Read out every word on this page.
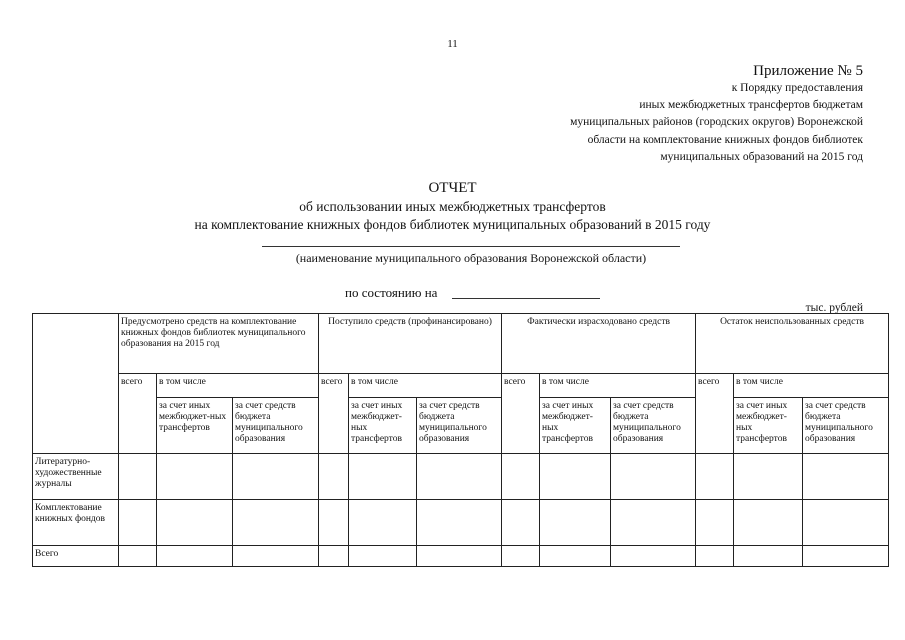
11
Приложение № 5
к Порядку предоставления
иных межбюджетных трансфертов бюджетам
муниципальных районов (городских округов) Воронежской
области на комплектование книжных фондов библиотек
муниципальных образований на 2015 год
ОТЧЕТ
об использовании иных межбюджетных трансфертов
на комплектование книжных фондов библиотек муниципальных образований в 2015 году
(наименование муниципального образования Воронежской области)
по состоянию на
тыс. рублей
	Предусмотрено средств на комплектование книжных фондов библиотек муниципального образования на 2015 год			Поступило средств (профинансировано)			Фактически израсходовано средств			Остаток неиспользованных средств		
	всего	в том числе		всего	в том числе		всего	в том числе		всего	в том числе	
		за счет иных межбюджет-ных трансфертов	за счет средств бюджета муниципального образования		за счет иных межбюджет-ных трансфертов	за счет средств бюджета муниципального образования		за счет иных межбюджет-ных трансфертов	за счет средств бюджета муниципального образования		за счет иных межбюджет-ных трансфертов	за счет средств бюджета муниципального образования
Литературно-художественные журналы												
Комплектование книжных фондов												
Всего												
